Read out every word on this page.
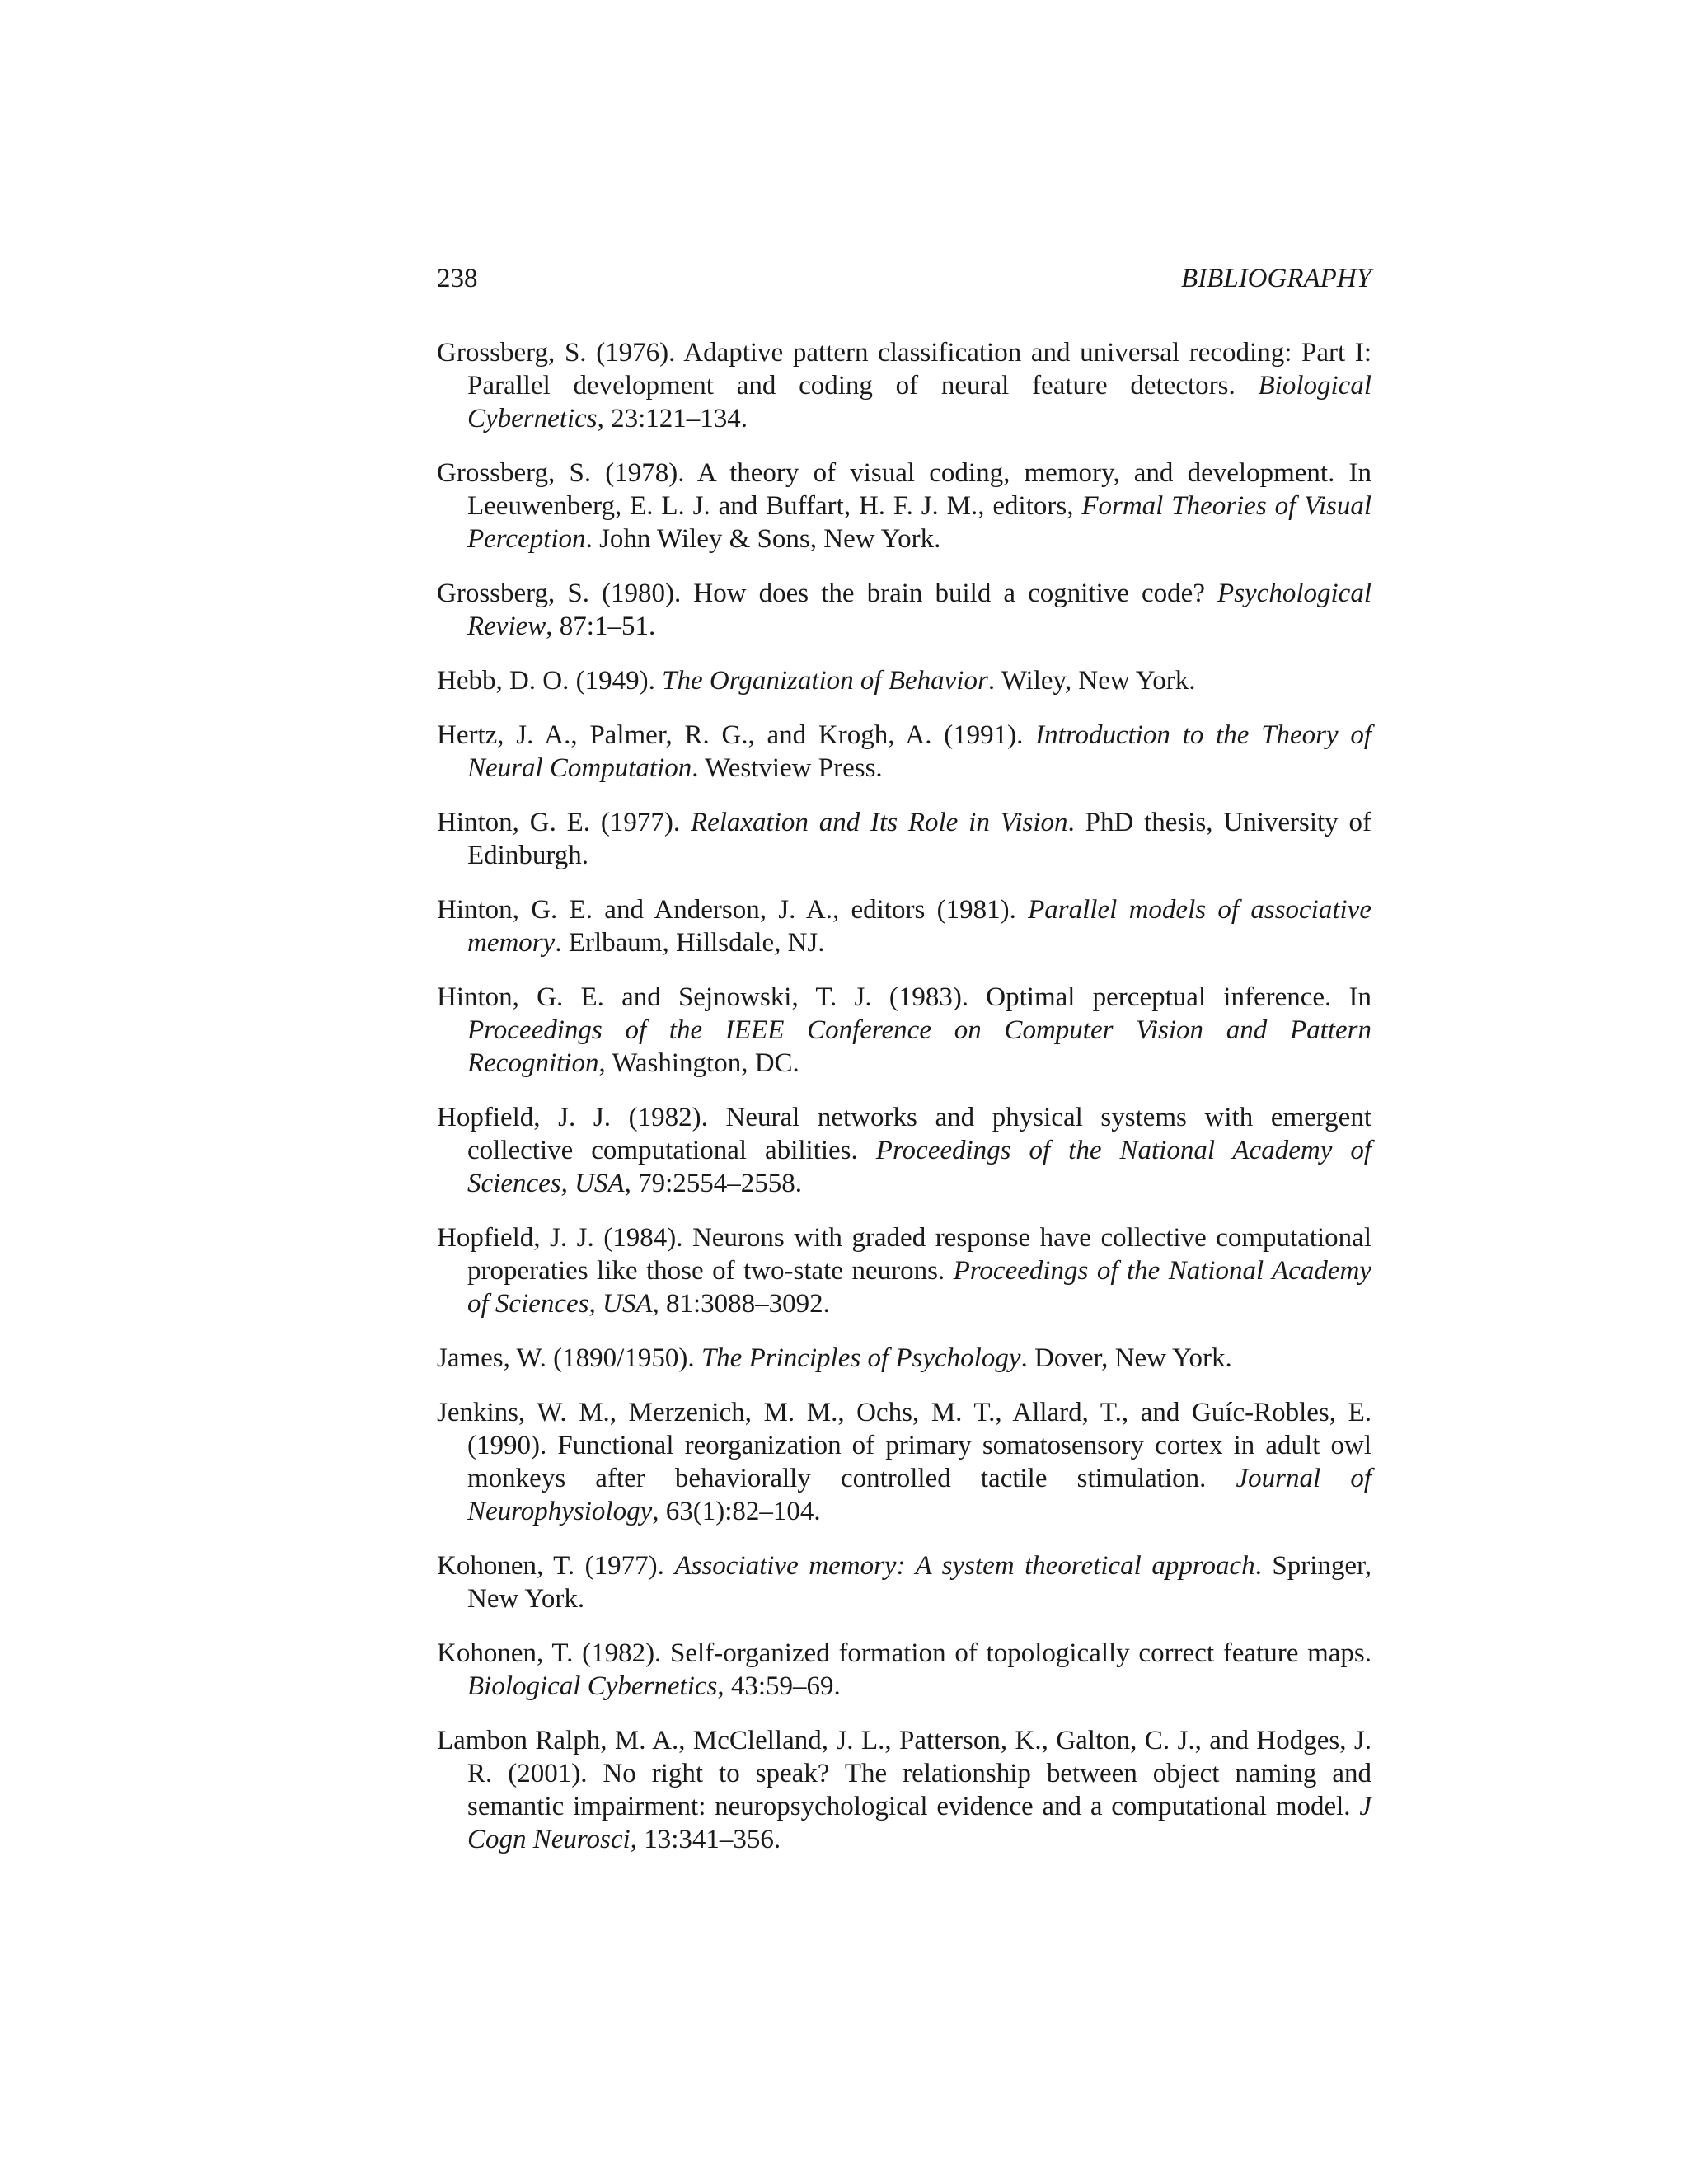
238	BIBLIOGRAPHY
Grossberg, S. (1976). Adaptive pattern classification and universal recoding: Part I: Parallel development and coding of neural feature detectors. Biological Cybernetics, 23:121–134.
Grossberg, S. (1978). A theory of visual coding, memory, and development. In Leeuwenberg, E. L. J. and Buffart, H. F. J. M., editors, Formal Theories of Visual Perception. John Wiley & Sons, New York.
Grossberg, S. (1980). How does the brain build a cognitive code? Psychological Review, 87:1–51.
Hebb, D. O. (1949). The Organization of Behavior. Wiley, New York.
Hertz, J. A., Palmer, R. G., and Krogh, A. (1991). Introduction to the Theory of Neural Computation. Westview Press.
Hinton, G. E. (1977). Relaxation and Its Role in Vision. PhD thesis, University of Edinburgh.
Hinton, G. E. and Anderson, J. A., editors (1981). Parallel models of associative memory. Erlbaum, Hillsdale, NJ.
Hinton, G. E. and Sejnowski, T. J. (1983). Optimal perceptual inference. In Proceedings of the IEEE Conference on Computer Vision and Pattern Recognition, Washington, DC.
Hopfield, J. J. (1982). Neural networks and physical systems with emergent collective computational abilities. Proceedings of the National Academy of Sciences, USA, 79:2554–2558.
Hopfield, J. J. (1984). Neurons with graded response have collective computational properaties like those of two-state neurons. Proceedings of the National Academy of Sciences, USA, 81:3088–3092.
James, W. (1890/1950). The Principles of Psychology. Dover, New York.
Jenkins, W. M., Merzenich, M. M., Ochs, M. T., Allard, T., and Guíc-Robles, E. (1990). Functional reorganization of primary somatosensory cortex in adult owl monkeys after behaviorally controlled tactile stimulation. Journal of Neurophysiology, 63(1):82–104.
Kohonen, T. (1977). Associative memory: A system theoretical approach. Springer, New York.
Kohonen, T. (1982). Self-organized formation of topologically correct feature maps. Biological Cybernetics, 43:59–69.
Lambon Ralph, M. A., McClelland, J. L., Patterson, K., Galton, C. J., and Hodges, J. R. (2001). No right to speak? The relationship between object naming and semantic impairment: neuropsychological evidence and a computational model. J Cogn Neurosci, 13:341–356.
